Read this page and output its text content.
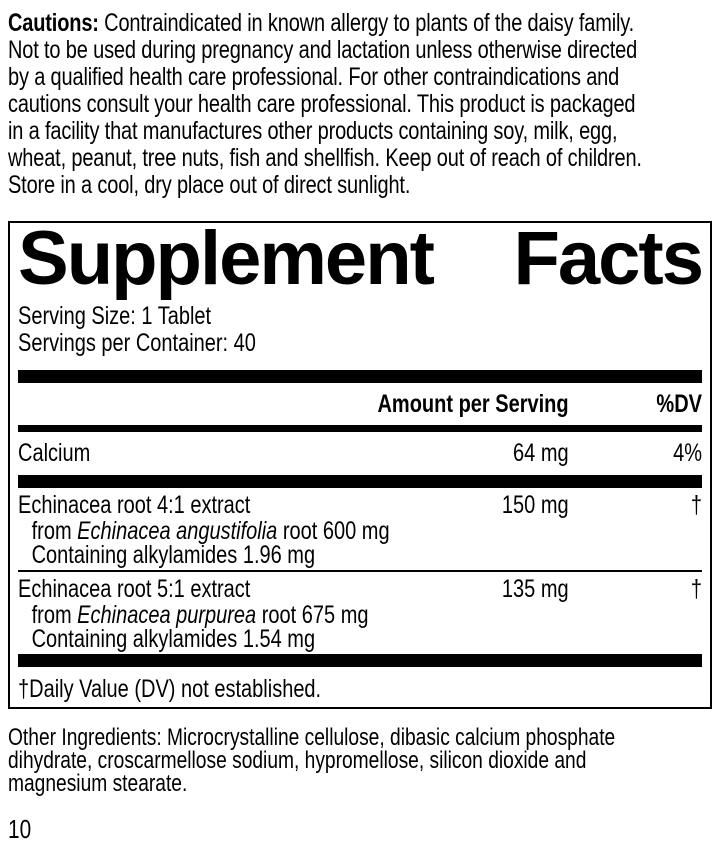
Cautions: Contraindicated in known allergy to plants of the daisy family.
Not to be used during pregnancy and lactation unless otherwise directed
by a qualified health care professional. For other contraindications and
cautions consult your health care professional. This product is packaged
in a facility that manufactures other products containing soy, milk, egg,
wheat, peanut, tree nuts, fish and shellfish. Keep out of reach of children.
Store in a cool, dry place out of direct sunlight.
Supplement Facts
Serving Size: 1 Tablet
Servings per Container: 40
Amount per Serving	%DV
Calcium	64 mg	4%
Echinacea root 4:1 extract	150 mg	†
from Echinacea angustifolia root 600 mg
Containing alkylamides 1.96 mg
Echinacea root 5:1 extract	135 mg	†
from Echinacea purpurea root 675 mg
Containing alkylamides 1.54 mg
†Daily Value (DV) not established.
Other Ingredients: Microcrystalline cellulose, dibasic calcium phosphate
dihydrate, croscarmellose sodium, hypromellose, silicon dioxide and
magnesium stearate.
10
